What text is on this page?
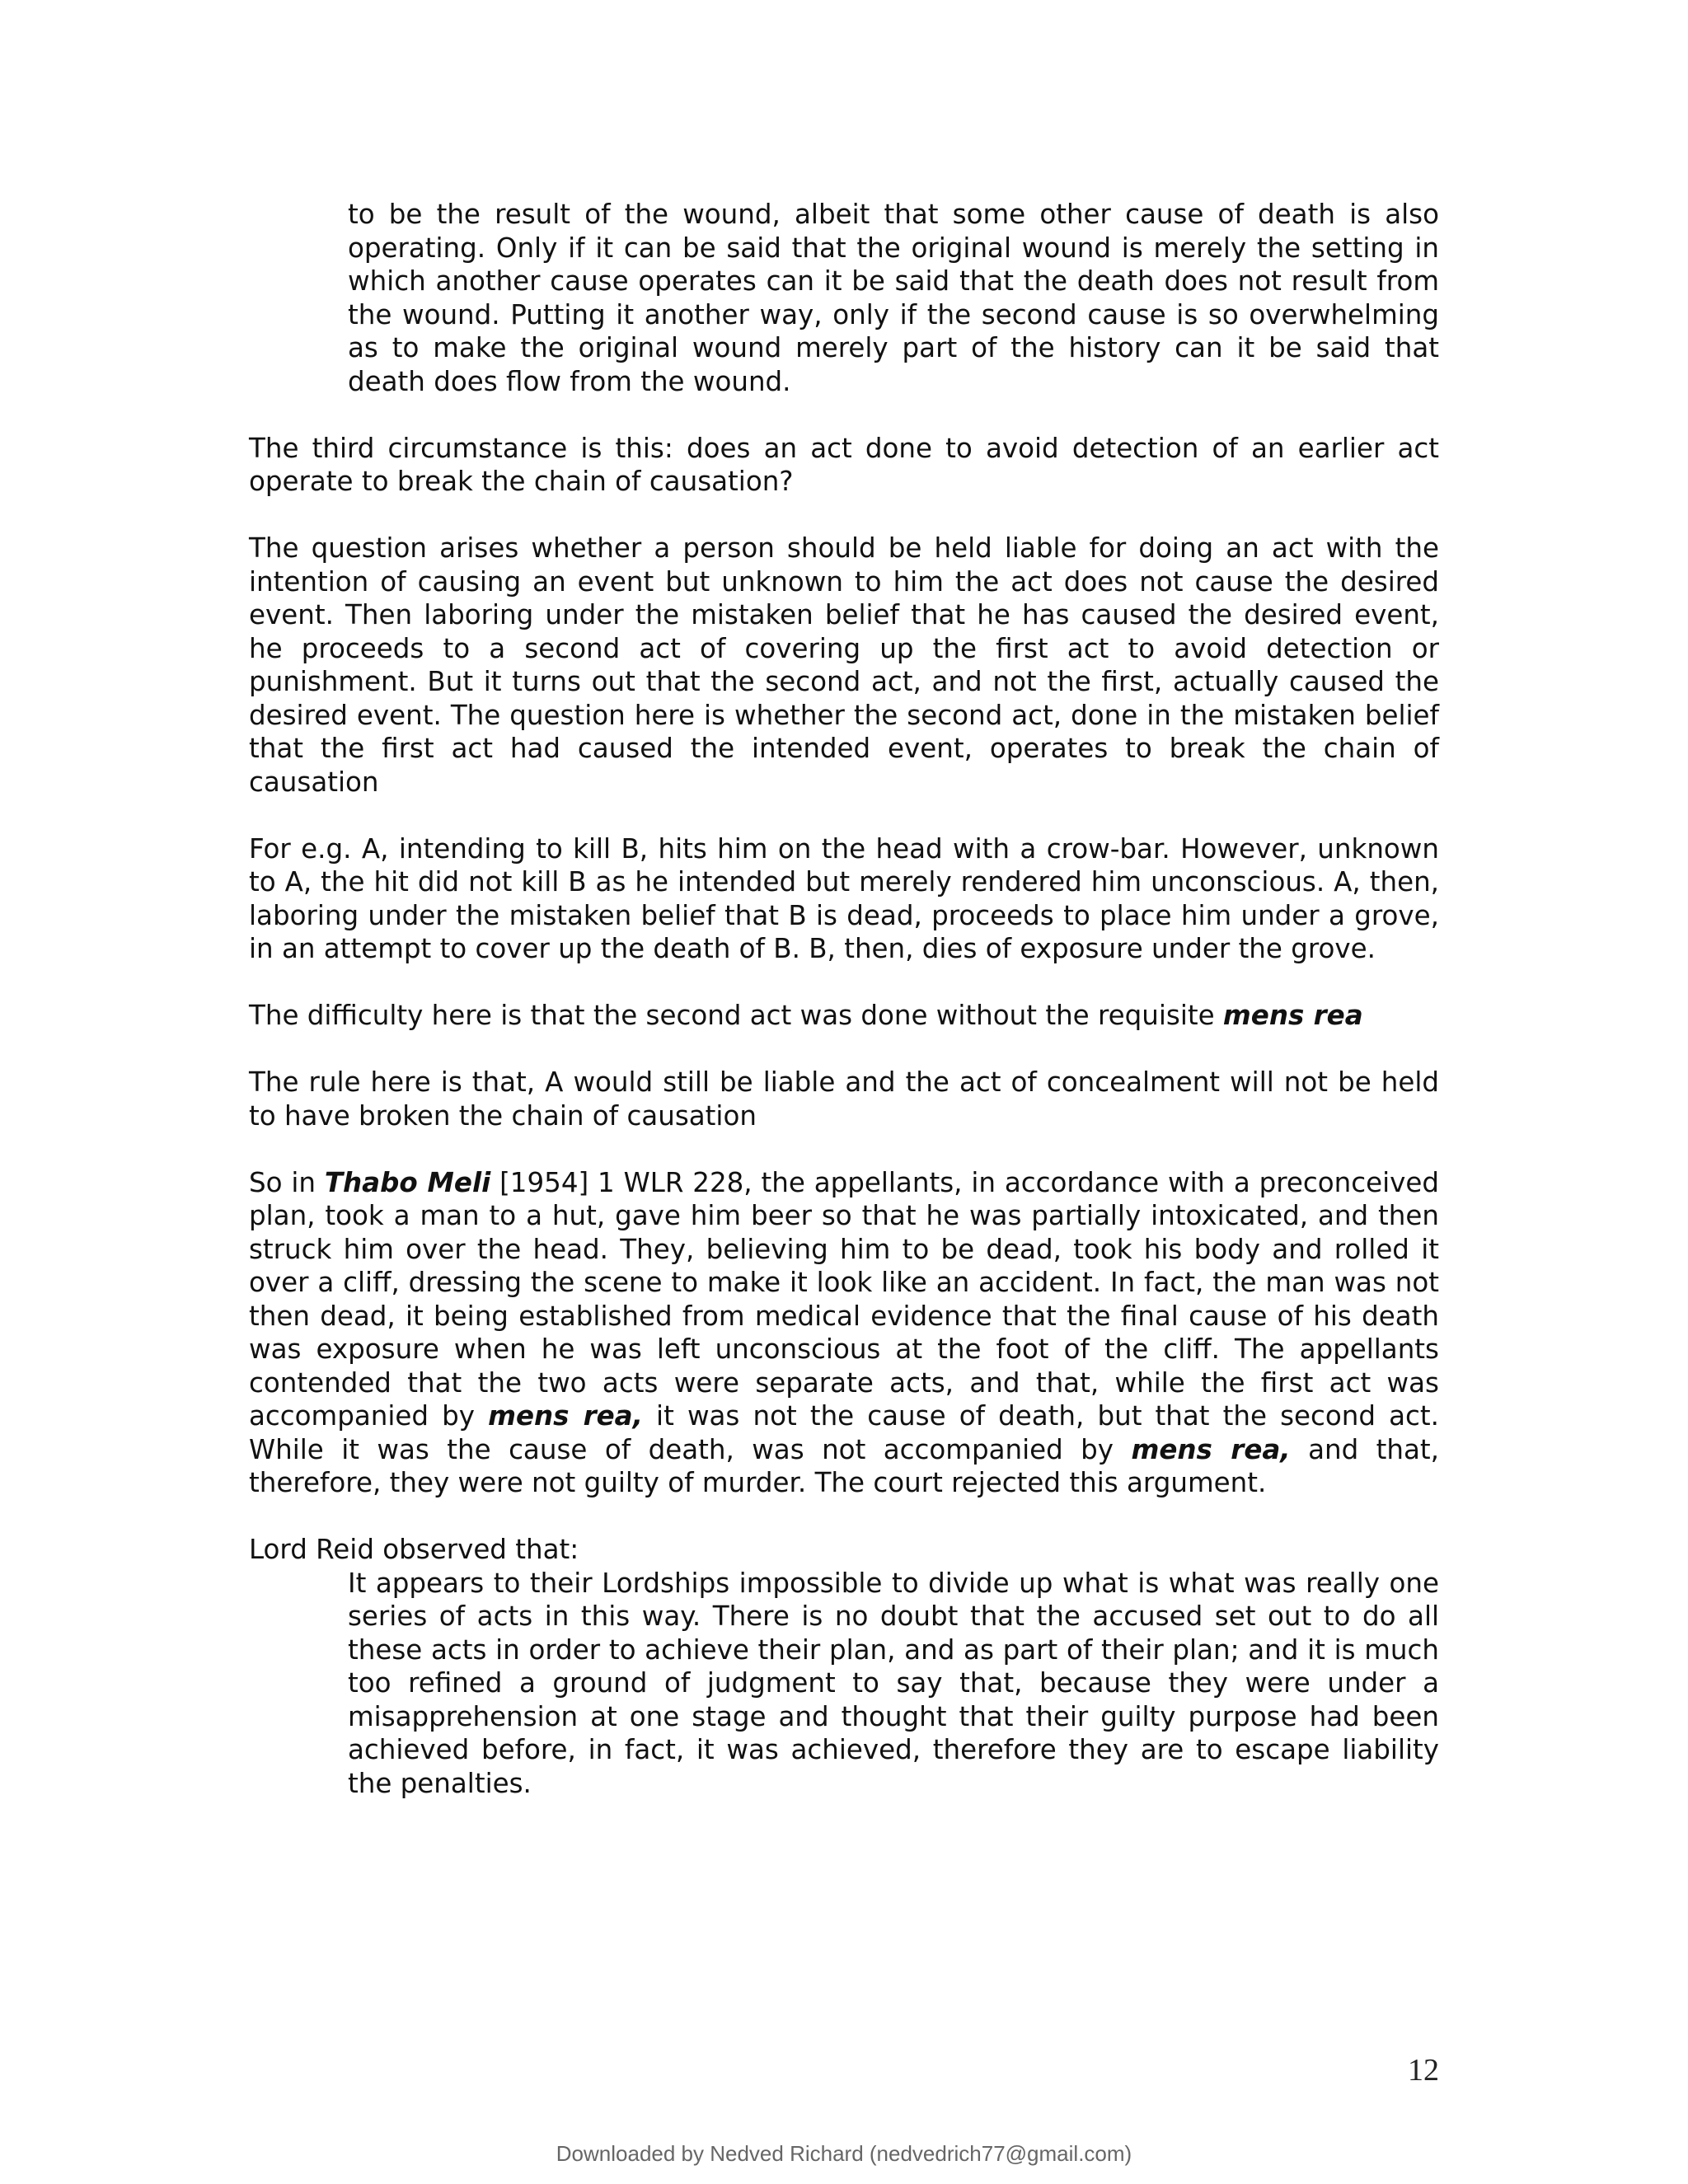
to be the result of the wound, albeit that some other cause of death is also operating. Only if it can be said that the original wound is merely the setting in which another cause operates can it be said that the death does not result from the wound. Putting it another way, only if the second cause is so overwhelming as to make the original wound merely part of the history can it be said that death does flow from the wound.

The third circumstance is this: does an act done to avoid detection of an earlier act operate to break the chain of causation?

The question arises whether a person should be held liable for doing an act with the intention of causing an event but unknown to him the act does not cause the desired event. Then laboring under the mistaken belief that he has caused the desired event, he proceeds to a second act of covering up the first act to avoid detection or punishment. But it turns out that the second act, and not the first, actually caused the desired event. The question here is whether the second act, done in the mistaken belief that the first act had caused the intended event, operates to break the chain of causation

For e.g. A, intending to kill B, hits him on the head with a crow-bar. However, unknown to A, the hit did not kill B as he intended but merely rendered him unconscious. A, then, laboring under the mistaken belief that B is dead, proceeds to place him under a grove, in an attempt to cover up the death of B. B, then, dies of exposure under the grove.

The difficulty here is that the second act was done without the requisite mens rea

The rule here is that, A would still be liable and the act of concealment will not be held to have broken the chain of causation

So in Thabo Meli [1954] 1 WLR 228, the appellants, in accordance with a preconceived plan, took a man to a hut, gave him beer so that he was partially intoxicated, and then struck him over the head. They, believing him to be dead, took his body and rolled it over a cliff, dressing the scene to make it look like an accident. In fact, the man was not then dead, it being established from medical evidence that the final cause of his death was exposure when he was left unconscious at the foot of the cliff. The appellants contended that the two acts were separate acts, and that, while the first act was accompanied by mens rea, it was not the cause of death, but that the second act. While it was the cause of death, was not accompanied by mens rea, and that, therefore, they were not guilty of murder. The court rejected this argument.

Lord Reid observed that:

It appears to their Lordships impossible to divide up what is what was really one series of acts in this way. There is no doubt that the accused set out to do all these acts in order to achieve their plan, and as part of their plan; and it is much too refined a ground of judgment to say that, because they were under a misapprehension at one stage and thought that their guilty purpose had been achieved before, in fact, it was achieved, therefore they are to escape liability the penalties.

12
Downloaded by Nedved Richard (nedvedrich77@gmail.com)
